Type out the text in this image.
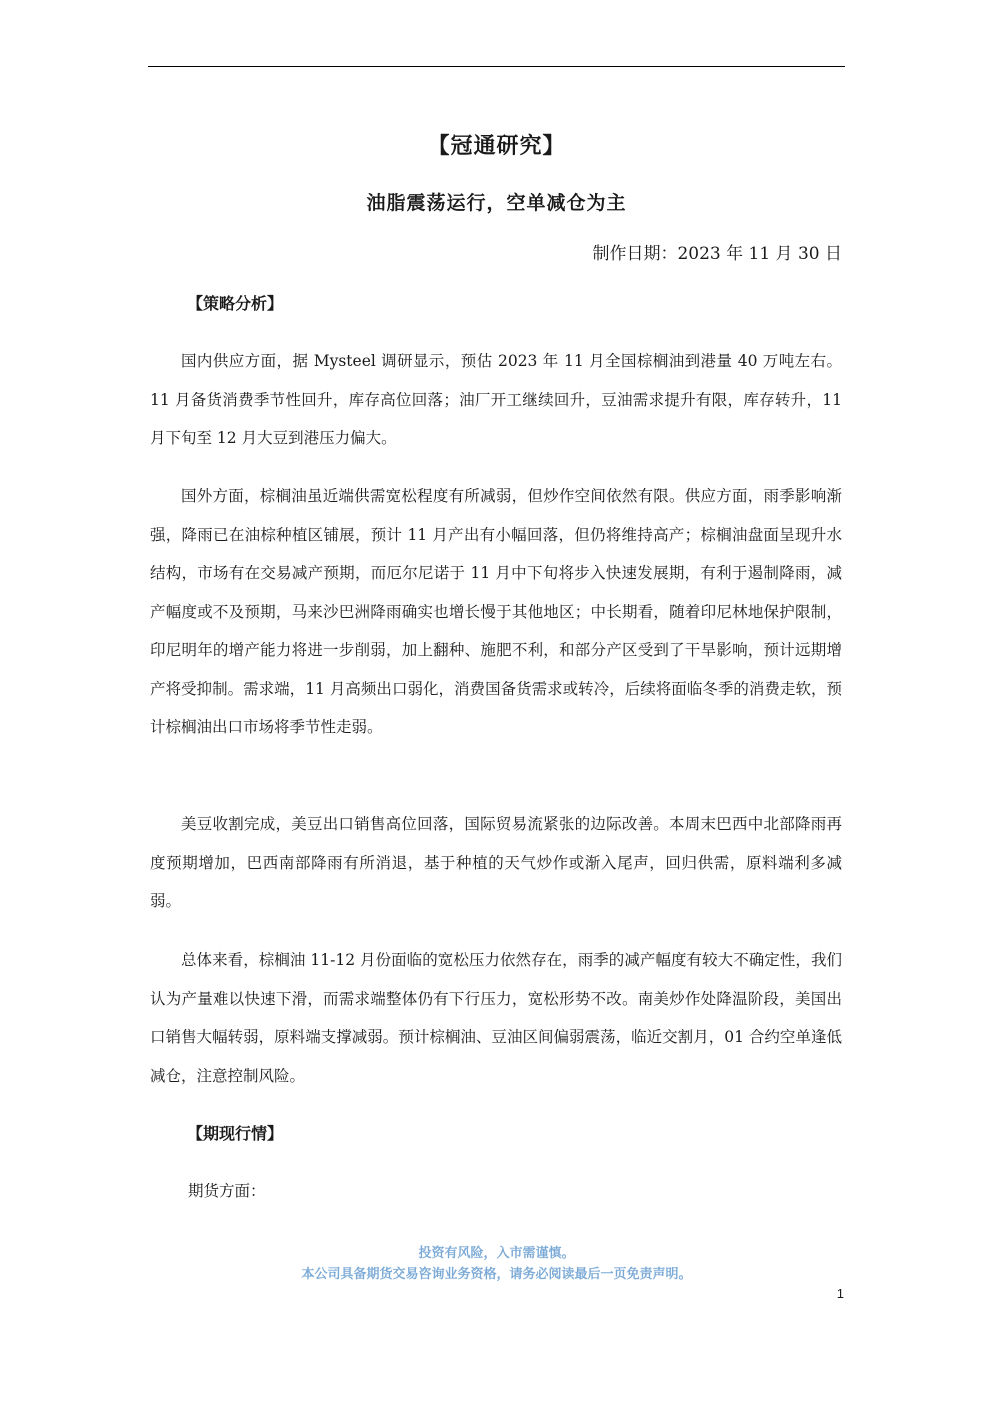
【冠通研究】
油脂震荡运行，空单减仓为主
制作日期：2023 年 11 月 30 日
【策略分析】

国内供应方面，据 Mysteel 调研显示，预估 2023 年 11 月全国棕榈油到港量 40 万吨左右。11 月备货消费季节性回升，库存高位回落；油厂开工继续回升，豆油需求提升有限，库存转升，11 月下旬至 12 月大豆到港压力偏大。

国外方面，棕榈油虽近端供需宽松程度有所减弱，但炒作空间依然有限。供应方面，雨季影响渐强，降雨已在油棕种植区铺展，预计 11 月产出有小幅回落，但仍将维持高产；棕榈油盘面呈现升水结构，市场有在交易减产预期，而厄尔尼诺于 11 月中下旬将步入快速发展期，有利于遏制降雨，减产幅度或不及预期，马来沙巴洲降雨确实也增长慢于其他地区；中长期看，随着印尼林地保护限制，印尼明年的增产能力将进一步削弱，加上翻种、施肥不利，和部分产区受到了干旱影响，预计远期增产将受抑制。需求端，11 月高频出口弱化，消费国备货需求或转冷，后续将面临冬季的消费走软，预计棕榈油出口市场将季节性走弱。

美豆收割完成，美豆出口销售高位回落，国际贸易流紧张的边际改善。本周末巴西中北部降雨再度预期增加，巴西南部降雨有所消退，基于种植的天气炒作或渐入尾声，回归供需，原料端利多减弱。

总体来看，棕榈油 11-12 月份面临的宽松压力依然存在，雨季的减产幅度有较大不确定性，我们认为产量难以快速下滑，而需求端整体仍有下行压力，宽松形势不改。南美炒作处降温阶段，美国出口销售大幅转弱，原料端支撑减弱。预计棕榈油、豆油区间偏弱震荡，临近交割月，01 合约空单逢低减仓，注意控制风险。

【期现行情】
期货方面：
投资有风险，入市需谨慎。
本公司具备期货交易咨询业务资格，请务必阅读最后一页免责声明。
1
